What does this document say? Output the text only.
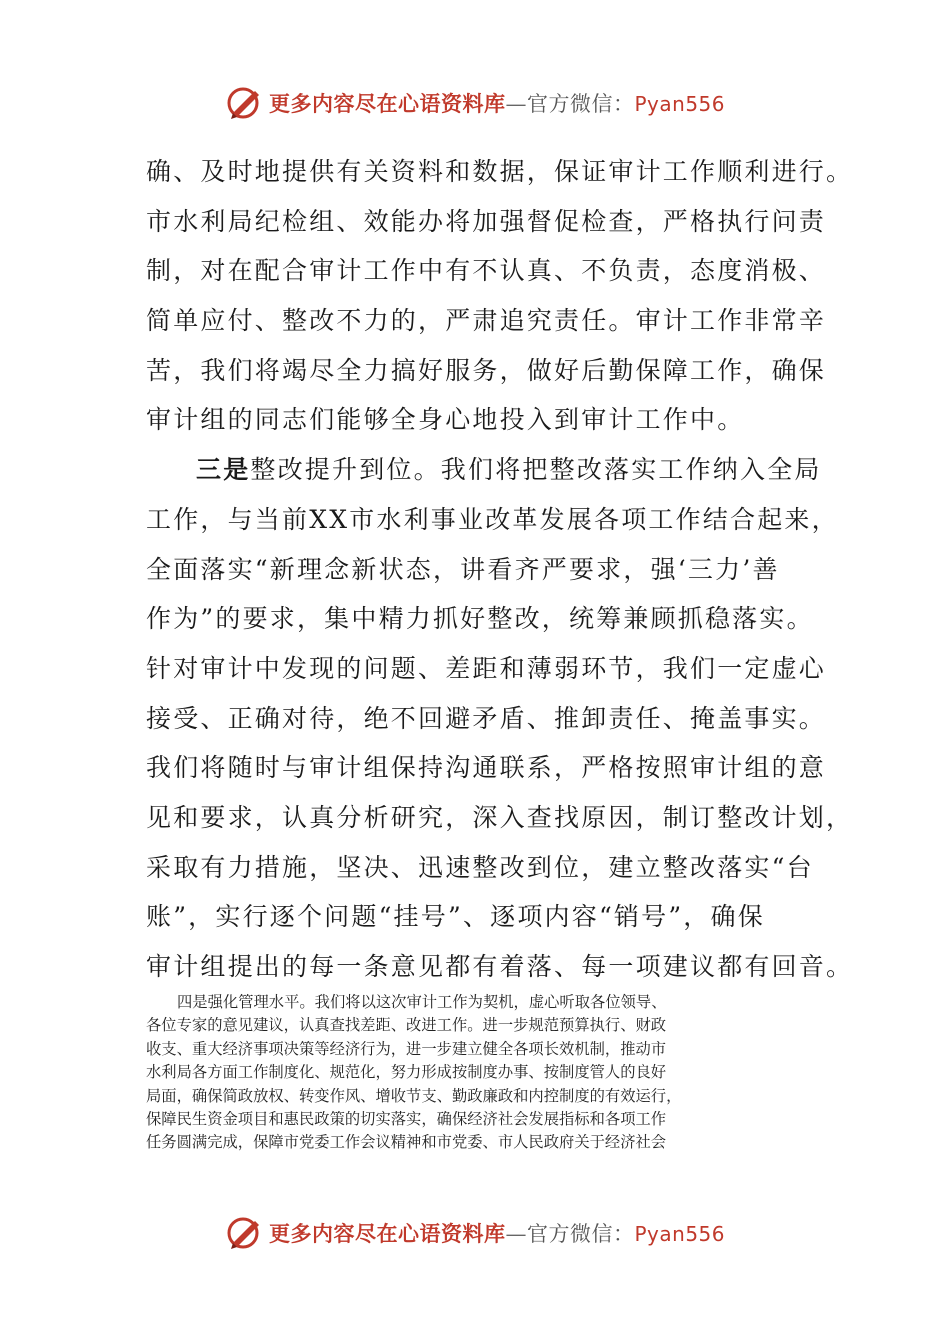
更多内容尽在心语资料库—官方微信：Pyan556
确、及时地提供有关资料和数据，保证审计工作顺利进行。
市水利局纪检组、效能办将加强督促检查，严格执行问责
制，对在配合审计工作中有不认真、不负责，态度消极、
简单应付、整改不力的，严肃追究责任。审计工作非常辛
苦，我们将竭尽全力搞好服务，做好后勤保障工作，确保
审计组的同志们能够全身心地投入到审计工作中。
三是整改提升到位。我们将把整改落实工作纳入全局
工作，与当前XX市水利事业改革发展各项工作结合起来，
全面落实“新理念新状态，讲看齐严要求，强‘三力’善
作为”的要求，集中精力抓好整改，统筹兼顾抓稳落实。
针对审计中发现的问题、差距和薄弱环节，我们一定虚心
接受、正确对待，绝不回避矛盾、推卸责任、掩盖事实。
我们将随时与审计组保持沟通联系，严格按照审计组的意
见和要求，认真分析研究，深入查找原因，制订整改计划，
采取有力措施，坚决、迅速整改到位，建立整改落实“台
账”，实行逐个问题“挂号”、逐项内容“销号”，确保
审计组提出的每一条意见都有着落、每一项建议都有回音。
四是强化管理水平。我们将以这次审计工作为契机，虚心听取各位领导、
各位专家的意见建议，认真查找差距、改进工作。进一步规范预算执行、财政
收支、重大经济事项决策等经济行为，进一步建立健全各项长效机制，推动市
水利局各方面工作制度化、规范化，努力形成按制度办事、按制度管人的良好
局面，确保简政放权、转变作风、增收节支、勤政廉政和内控制度的有效运行，
保障民生资金项目和惠民政策的切实落实，确保经济社会发展指标和各项工作
任务圆满完成，保障市党委工作会议精神和市党委、市人民政府关于经济社会
更多内容尽在心语资料库—官方微信：Pyan556
